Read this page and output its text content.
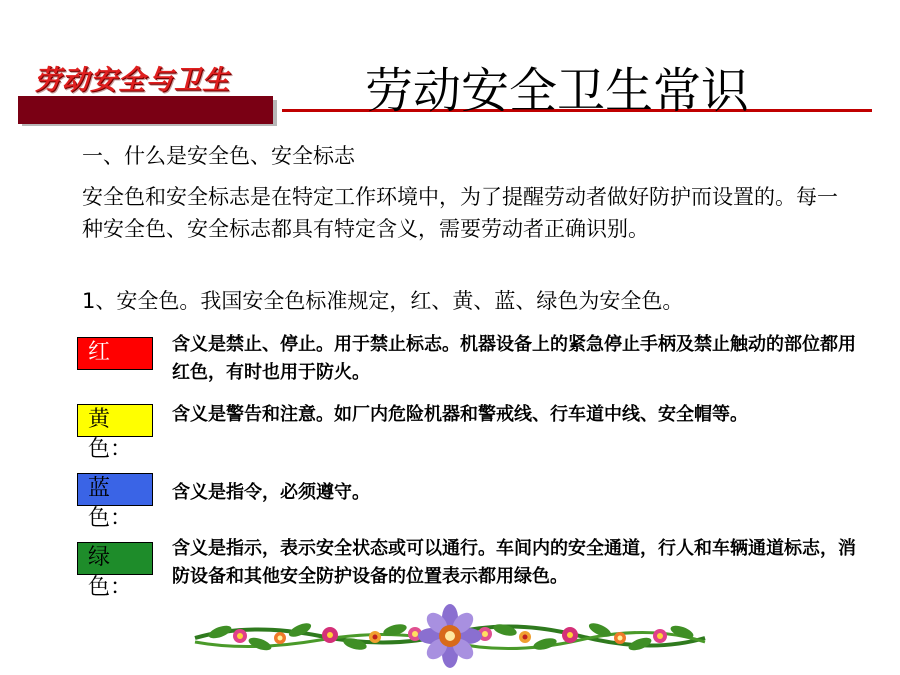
劳动安全与卫生	劳动安全卫生常识
一、什么是安全色、安全标志
安全色和安全标志是在特定工作环境中，为了提醒劳动者做好防护而设置的。每一种安全色、安全标志都具有特定含义，需要劳动者正确识别。
1、安全色。我国安全色标准规定，红、黄、蓝、绿色为安全色。
红色：
含义是禁止、停止。用于禁止标志。机器设备上的紧急停止手柄及禁止触动的部位都用红色，有时也用于防火。
黄色：
含义是警告和注意。如厂内危险机器和警戒线、行车道中线、安全帽等。
蓝色：
含义是指令，必须遵守。
绿色：
含义是指示，表示安全状态或可以通行。车间内的安全通道，行人和车辆通道标志，消防设备和其他安全防护设备的位置表示都用绿色。
